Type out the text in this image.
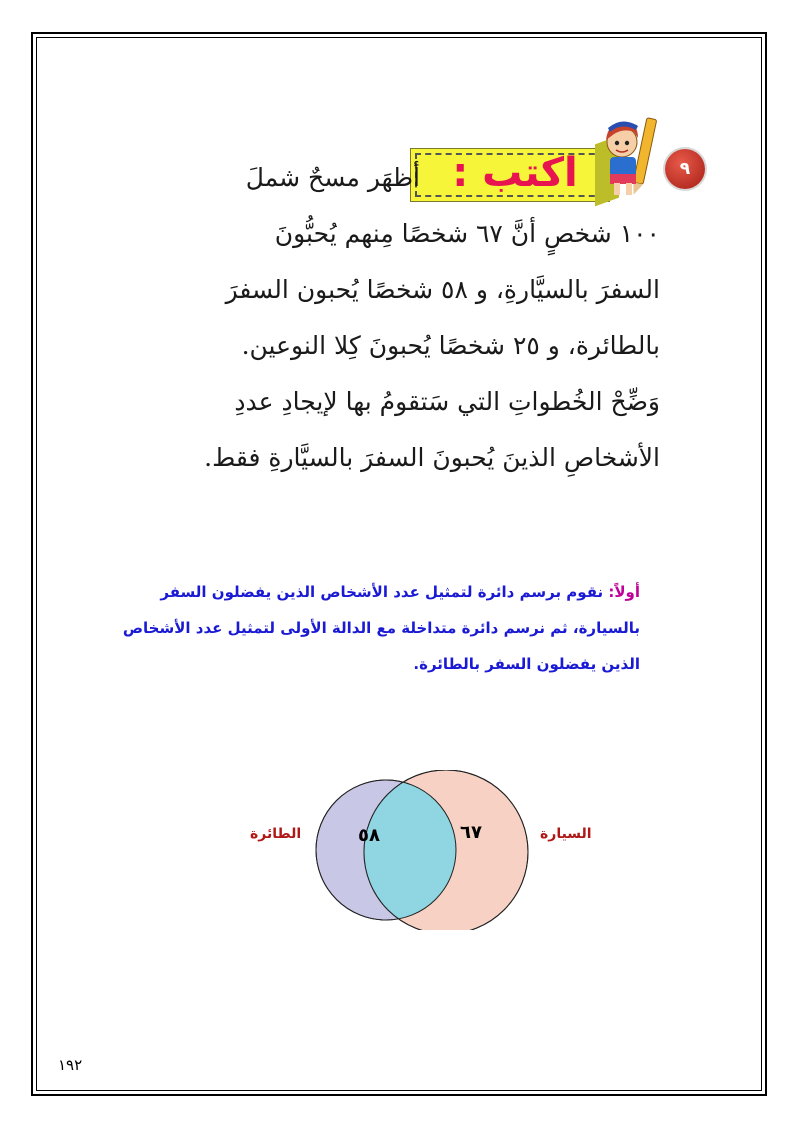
٩
اكتب :
أظهَر مسحٌ شملَ
١٠٠ شخصٍ أنَّ ٦٧ شخصًا مِنهم يُحبُّونَ
السفرَ بالسيَّارةِ، و ٥٨ شخصًا يُحبون السفرَ
بالطائرة، و ٢٥ شخصًا يُحبونَ كِلا النوعين.
وَضِّحْ الخُطواتِ التي سَتقومُ بها لإيجادِ عددِ
الأشخاصِ الذينَ يُحبونَ السفرَ بالسيَّارةِ فقط.
أولاً: نقوم برسم دائرة لتمثيل عدد الأشخاص الذين يفضلون السفر
بالسيارة، ثم نرسم دائرة متداخلة مع الدالة الأولى لتمثيل عدد الأشخاص
الذين يفضلون السفر بالطائرة.
٥٨	٦٧
الطائرة	السيارة
١٩٢
